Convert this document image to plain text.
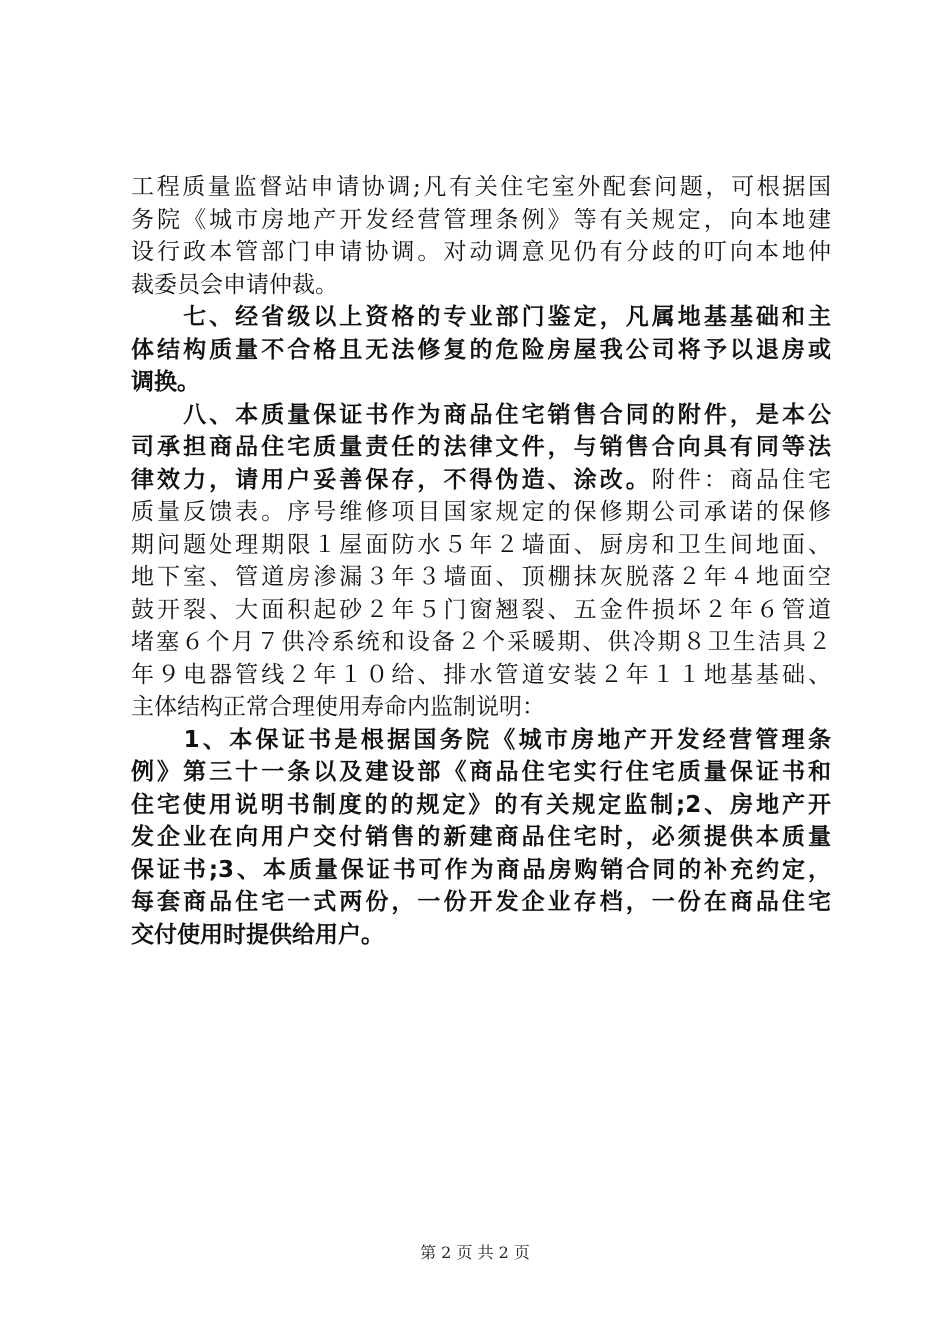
工程质量监督站申请协调;凡有关住宅室外配套问题，可根据国
务院《城市房地产开发经营管理条例》等有关规定，向本地建
设行政本管部门申请协调。对动调意见仍有分歧的叮向本地仲
裁委员会申请仲裁。
　　七、经省级以上资格的专业部门鉴定，凡属地基基础和主
体结构质量不合格且无法修复的危险房屋我公司将予以退房或
调换。
　　八、本质量保证书作为商品住宅销售合同的附件，是本公
司承担商品住宅质量责任的法律文件，与销售合向具有同等法
律效力，请用户妥善保存，不得伪造、涂改。附件：商品住宅
质量反馈表。序号维修项目国家规定的保修期公司承诺的保修
期问题处理期限１屋面防水５年２墙面、厨房和卫生间地面、
地下室、管道房渗漏３年３墙面、顶棚抹灰脱落２年４地面空
鼓开裂、大面积起砂２年５门窗翘裂、五金件损坏２年６管道
堵塞６个月７供冷系统和设备２个采暖期、供冷期８卫生洁具２
年９电器管线２年１０给、排水管道安装２年１１地基基础、
主体结构正常合理使用寿命内监制说明：
　　1、本保证书是根据国务院《城市房地产开发经营管理条
例》第三十一条以及建设部《商品住宅实行住宅质量保证书和
住宅使用说明书制度的的规定》的有关规定监制;2、房地产开
发企业在向用户交付销售的新建商品住宅时，必须提供本质量
保证书;3、本质量保证书可作为商品房购销合同的补充约定，
每套商品住宅一式两份，一份开发企业存档，一份在商品住宅
交付使用时提供给用户。
第 2 页 共 2 页
